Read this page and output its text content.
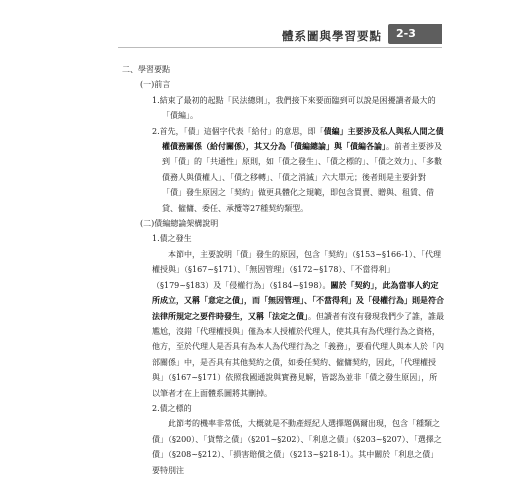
體系圖與學習要點	2-3

二、學習要點

(一)前言

1.結束了最初的起點「民法總則」，我們接下來要面臨到可以說是困擾讀者最大的「債編」。

2.首先，「債」這個字代表「給付」的意思，即「債編」主要涉及私人與私人間之債權債務關係（給付關係），其又分為「債編總論」與「債編各論」。前者主要涉及到「債」的「共通性」原則，如「債之發生」、「債之標的」、「債之效力」、「多數債務人與債權人」、「債之移轉」、「債之消滅」六大單元；後者則是主要針對「債」發生原因之「契約」做更具體化之規範，即包含買賣、贈與、租賃、借貸、僱傭、委任、承攬等27種契約類型。

(二)債編總論架構說明

1.債之發生

本節中，主要說明「債」發生的原因，包含「契約」（§153~§166-1）、「代理權授與」（§167~§171）、「無因管理」（§172~§178）、「不當得利」（§179~§183）及「侵權行為」（§184~§198）。關於「契約」，此為當事人約定所成立，又稱「意定之債」，而「無因管理」、「不當得利」及「侵權行為」則是符合法律所規定之要件時發生，又稱「法定之債」。但讀者有沒有發現我們少了誰，誰最尷尬，沒錯「代理權授與」僅為本人授權於代理人，使其具有為代理行為之資格，他方，至於代理人是否具有為本人為代理行為之「義務」，要看代理人與本人於「內部關係」中，是否具有其他契約之債，如委任契約、僱傭契約，因此，「代理權授與」（§167~§171）依照我國通說與實務見解，皆認為並非「債之發生原因」，所以筆者才在上面體系圖將其刪掉。

2.債之標的

此節考的機率非常低，大概就是不動產經紀人選擇題偶爾出現，包含「種類之債」（§200）、「貨幣之債」（§201~§202）、「利息之債」（§203~§207）、「選擇之債」（§208~§212）、「損害賠償之債」（§213~§218-1）。其中關於「利息之債」要特別注
